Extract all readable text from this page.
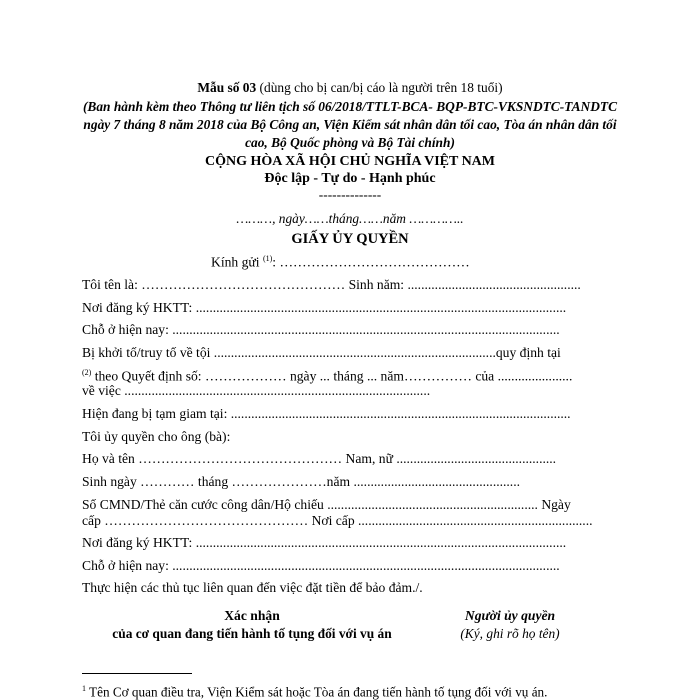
Mẫu số 03 (dùng cho bị can/bị cáo là người trên 18 tuổi)
(Ban hành kèm theo Thông tư liên tịch số 06/2018/TTLT-BCA- BQP-BTC-VKSNDTC-TANDTC
ngày 7 tháng 8 năm 2018 của Bộ Công an, Viện Kiểm sát nhân dân tối cao, Tòa án nhân dân tối
cao, Bộ Quốc phòng và Bộ Tài chính)
CỘNG HÒA XÃ HỘI CHỦ NGHĨA VIỆT NAM
Độc lập - Tự do - Hạnh phúc
--------------
………, ngày……tháng……năm …………..
GIẤY ỦY QUYỀN
Kính gửi $^{(1)}$: ……………………………………
Tôi tên là: ……………………………………… Sinh năm: ...................................................
Nơi đăng ký HKTT: .............................................................................................................
Chỗ ở hiện nay: ..................................................................................................................
Bị khởi tố/truy tố về tội ...................................................................................quy định tại
$^{(2)}$ theo Quyết định số: ……………… ngày ... tháng ... năm…………… của ......................
về việc ..........................................................................................
Hiện đang bị tạm giam tại: ....................................................................................................
Tôi ủy quyền cho ông (bà):
Họ và tên ……………………………………… Nam, nữ ...............................................
Sinh ngày ………… tháng …………………năm .................................................
Số CMND/Thẻ căn cước công dân/Hộ chiếu .............................................................. Ngày
cấp ……………………………………… Nơi cấp .....................................................................
Nơi đăng ký HKTT: .............................................................................................................
Chỗ ở hiện nay: ..................................................................................................................
Thực hiện các thủ tục liên quan đến việc đặt tiền để bảo đảm./.
Xác nhận
của cơ quan đang tiến hành tố tụng đối với vụ án
Người ủy quyền
(Ký, ghi rõ họ tên)
$^1$ Tên Cơ quan điều tra, Viện Kiểm sát hoặc Tòa án đang tiến hành tố tụng đối với vụ án.
